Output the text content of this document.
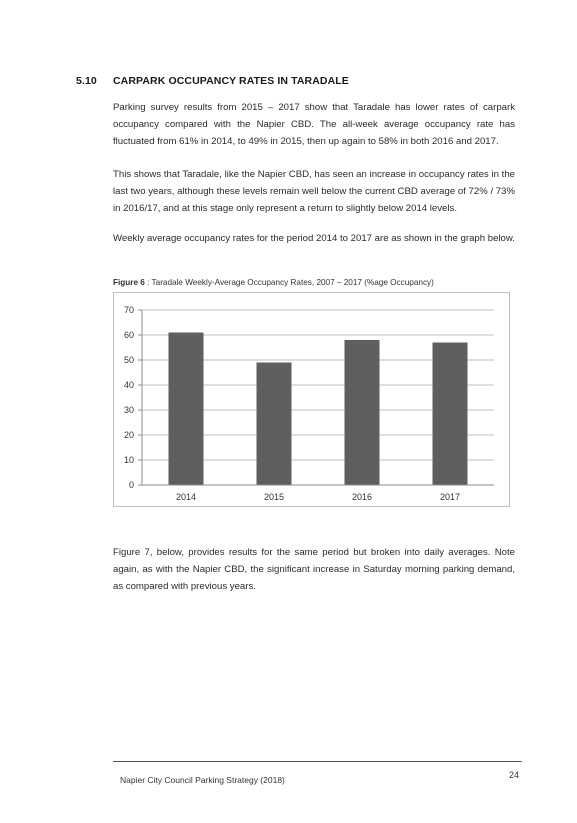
5.10 CARPARK OCCUPANCY RATES IN TARADALE

Parking survey results from 2015 – 2017 show that Taradale has lower rates of carpark occupancy compared with the Napier CBD. The all-week average occupancy rate has fluctuated from 61% in 2014, to 49% in 2015, then up again to 58% in both 2016 and 2017.

This shows that Taradale, like the Napier CBD, has seen an increase in occupancy rates in the last two years, although these levels remain well below the current CBD average of 72% / 73% in 2016/17, and at this stage only represent a return to slightly below 2014 levels.

Weekly average occupancy rates for the period 2014 to 2017 are as shown in the graph below.

Figure 6 : Taradale Weekly-Average Occupancy Rates, 2007 – 2017 (%age Occupancy)
0
10
20
30
40
50
60
70
2014	2015	2016	2017

Figure 7, below, provides results for the same period but broken into daily averages. Note again, as with the Napier CBD, the significant increase in Saturday morning parking demand, as compared with previous years.

Napier City Council Parking Strategy (2018)	24
